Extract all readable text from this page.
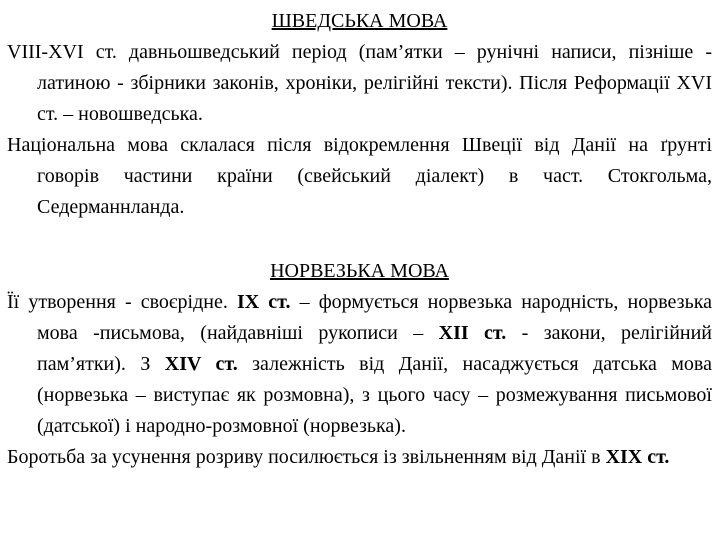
ШВЕДСЬКА МОВА

VIII-XVI ст. давньошведський період (пам’ятки – рунічні написи, пізніше - латиною - збірники законів, хроніки, релігійні тексти). Після Реформації XVI ст. – новошведська.

Національна мова склалася після відокремлення Швеції від Данії на ґрунті говорів частини країни (свейський діалект) в част. Стокгольма, Седерманнланда.

НОРВЕЗЬКА МОВА

Її утворення - своєрідне. ІХ ст. – формується норвезька народність, норвезька мова -письмова, (найдавніші рукописи – ХІІ ст. - закони, релігійний пам’ятки). З XIV ст. залежність від Данії, насаджується датська мова (норвезька – виступає як розмовна), з цього часу – розмежування письмової (датської) і народно-розмовної (норвезька).

Боротьба за усунення розриву посилюється із звільненням від Данії в ХІХ ст.
